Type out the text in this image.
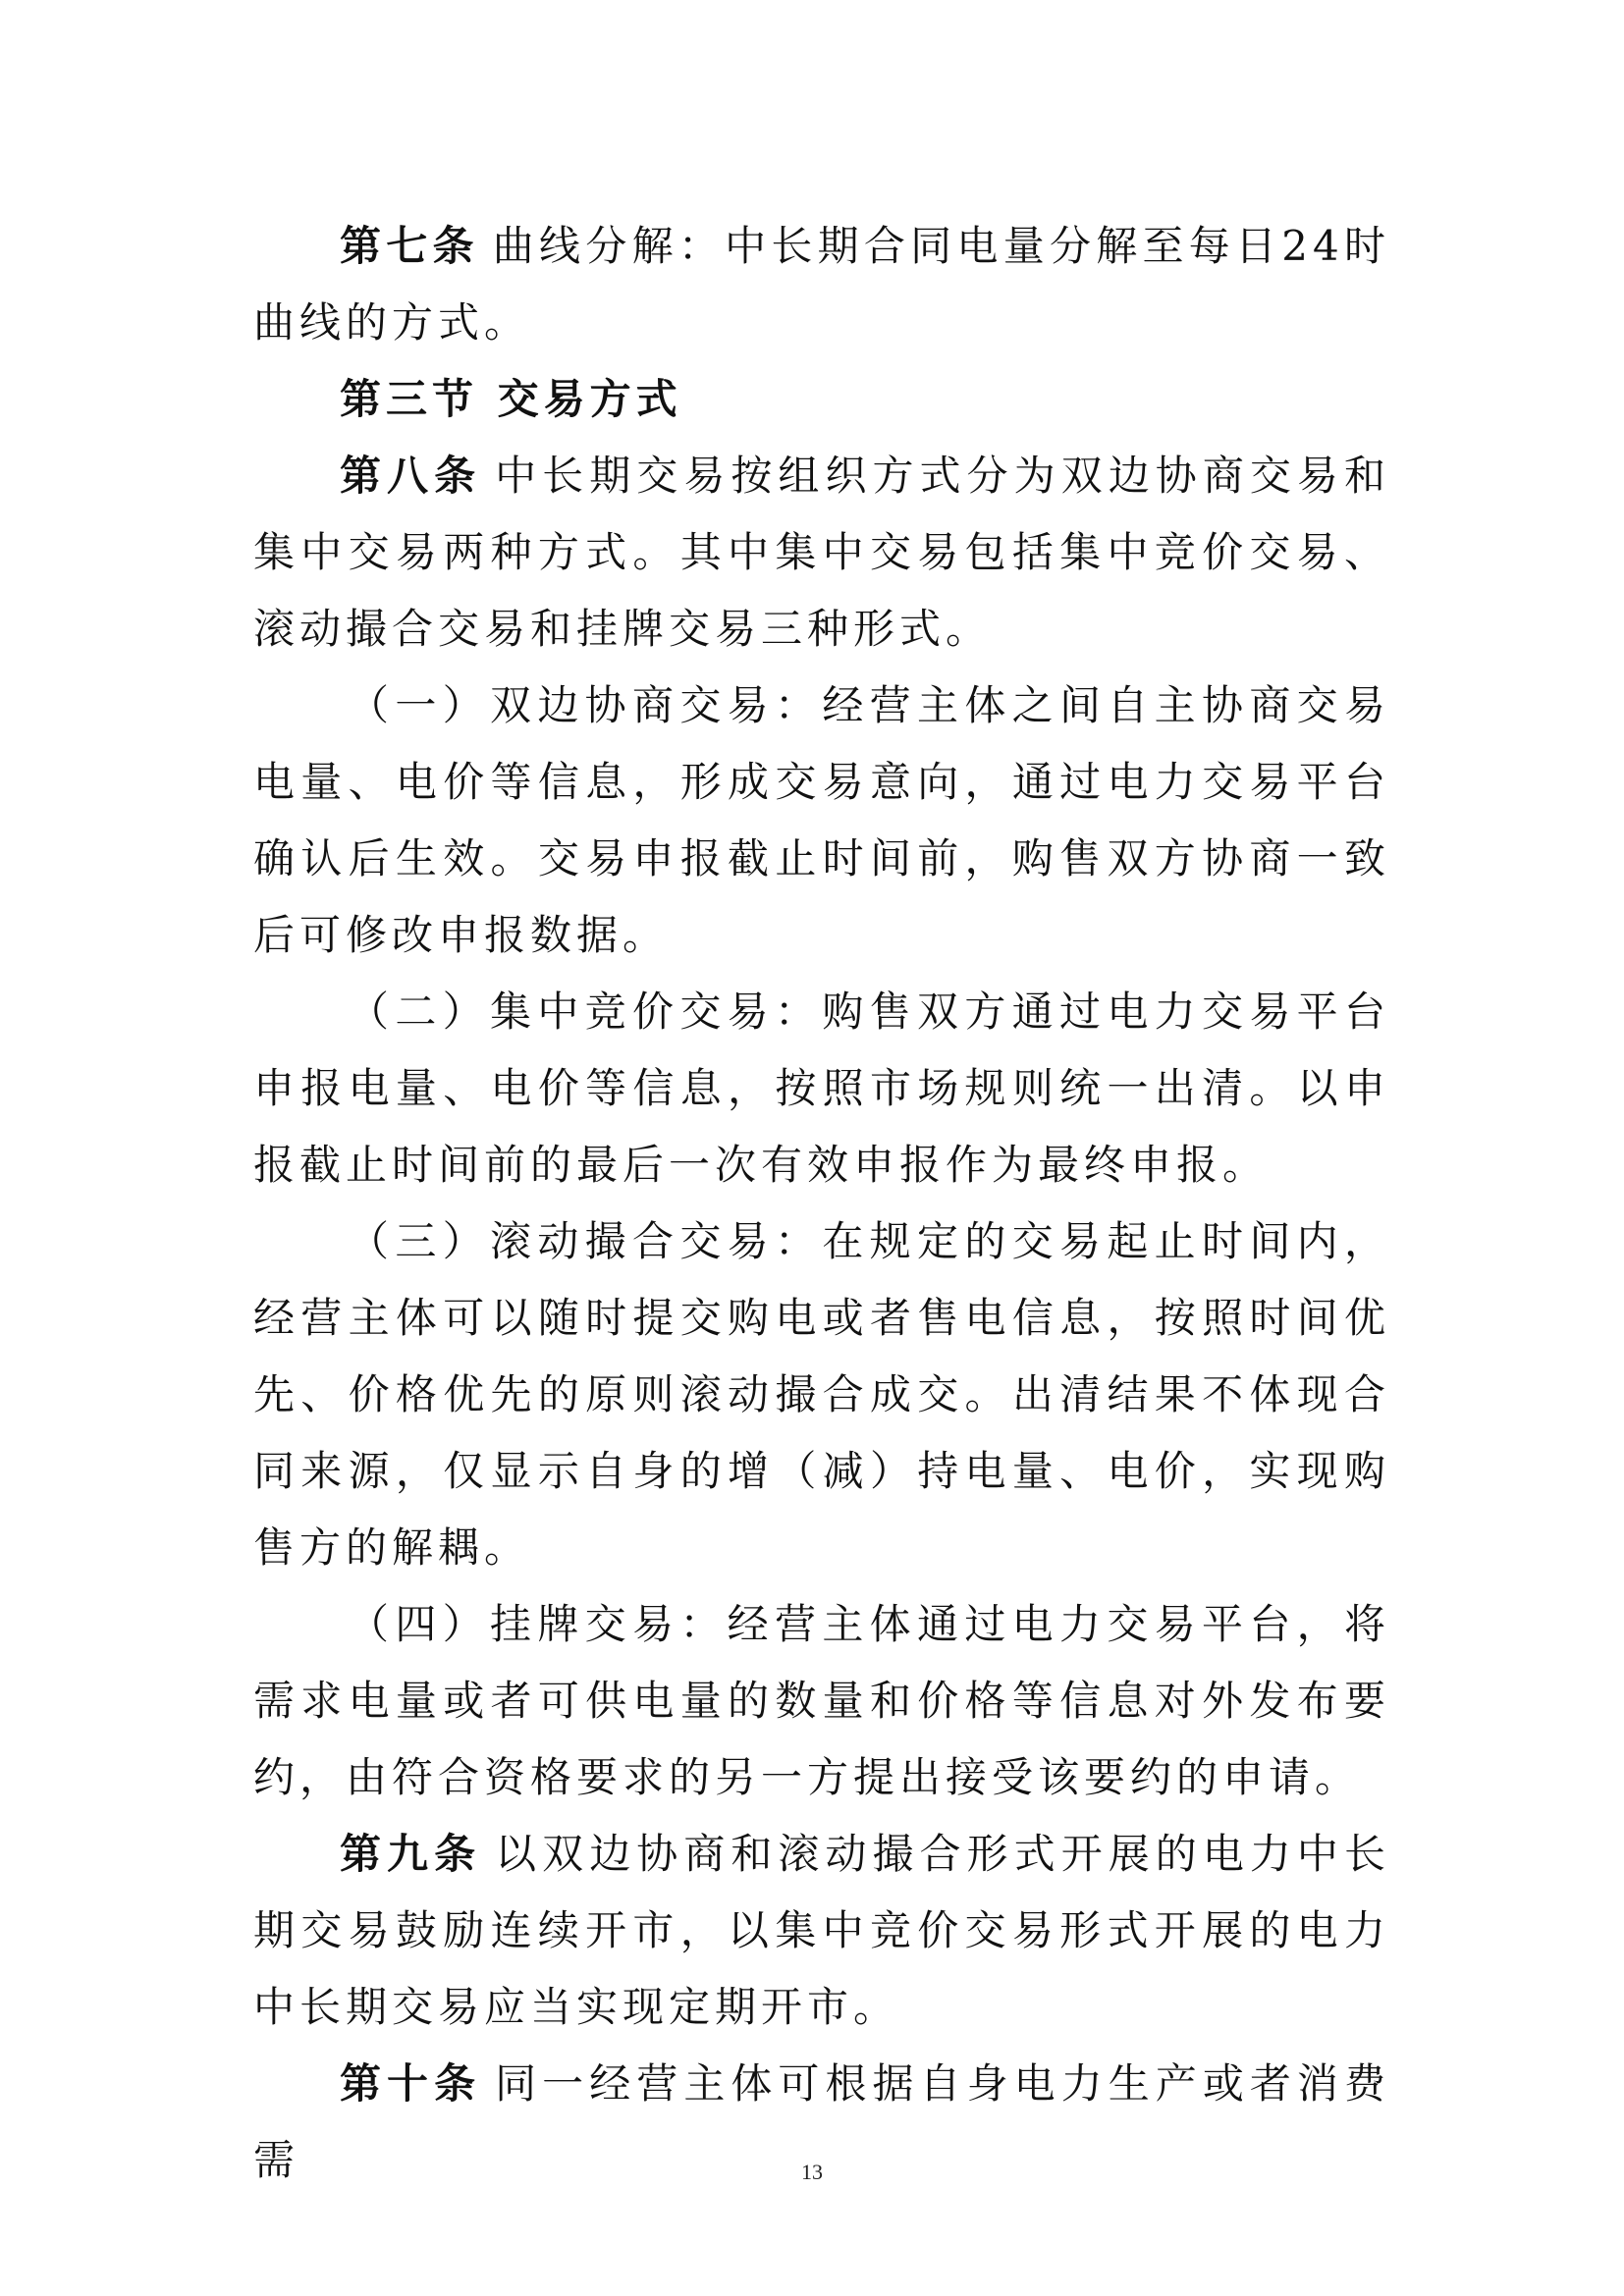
第七条 曲线分解：中长期合同电量分解至每日24时曲线的方式。

第三节 交易方式

第八条 中长期交易按组织方式分为双边协商交易和集中交易两种方式。其中集中交易包括集中竞价交易、滚动撮合交易和挂牌交易三种形式。

（一）双边协商交易：经营主体之间自主协商交易电量、电价等信息，形成交易意向，通过电力交易平台确认后生效。交易申报截止时间前，购售双方协商一致后可修改申报数据。

（二）集中竞价交易：购售双方通过电力交易平台申报电量、电价等信息，按照市场规则统一出清。以申报截止时间前的最后一次有效申报作为最终申报。

（三）滚动撮合交易：在规定的交易起止时间内，经营主体可以随时提交购电或者售电信息，按照时间优先、价格优先的原则滚动撮合成交。出清结果不体现合同来源，仅显示自身的增（减）持电量、电价，实现购售方的解耦。

（四）挂牌交易：经营主体通过电力交易平台，将需求电量或者可供电量的数量和价格等信息对外发布要约，由符合资格要求的另一方提出接受该要约的申请。

第九条 以双边协商和滚动撮合形式开展的电力中长期交易鼓励连续开市，以集中竞价交易形式开展的电力中长期交易应当实现定期开市。

第十条 同一经营主体可根据自身电力生产或者消费需	13
